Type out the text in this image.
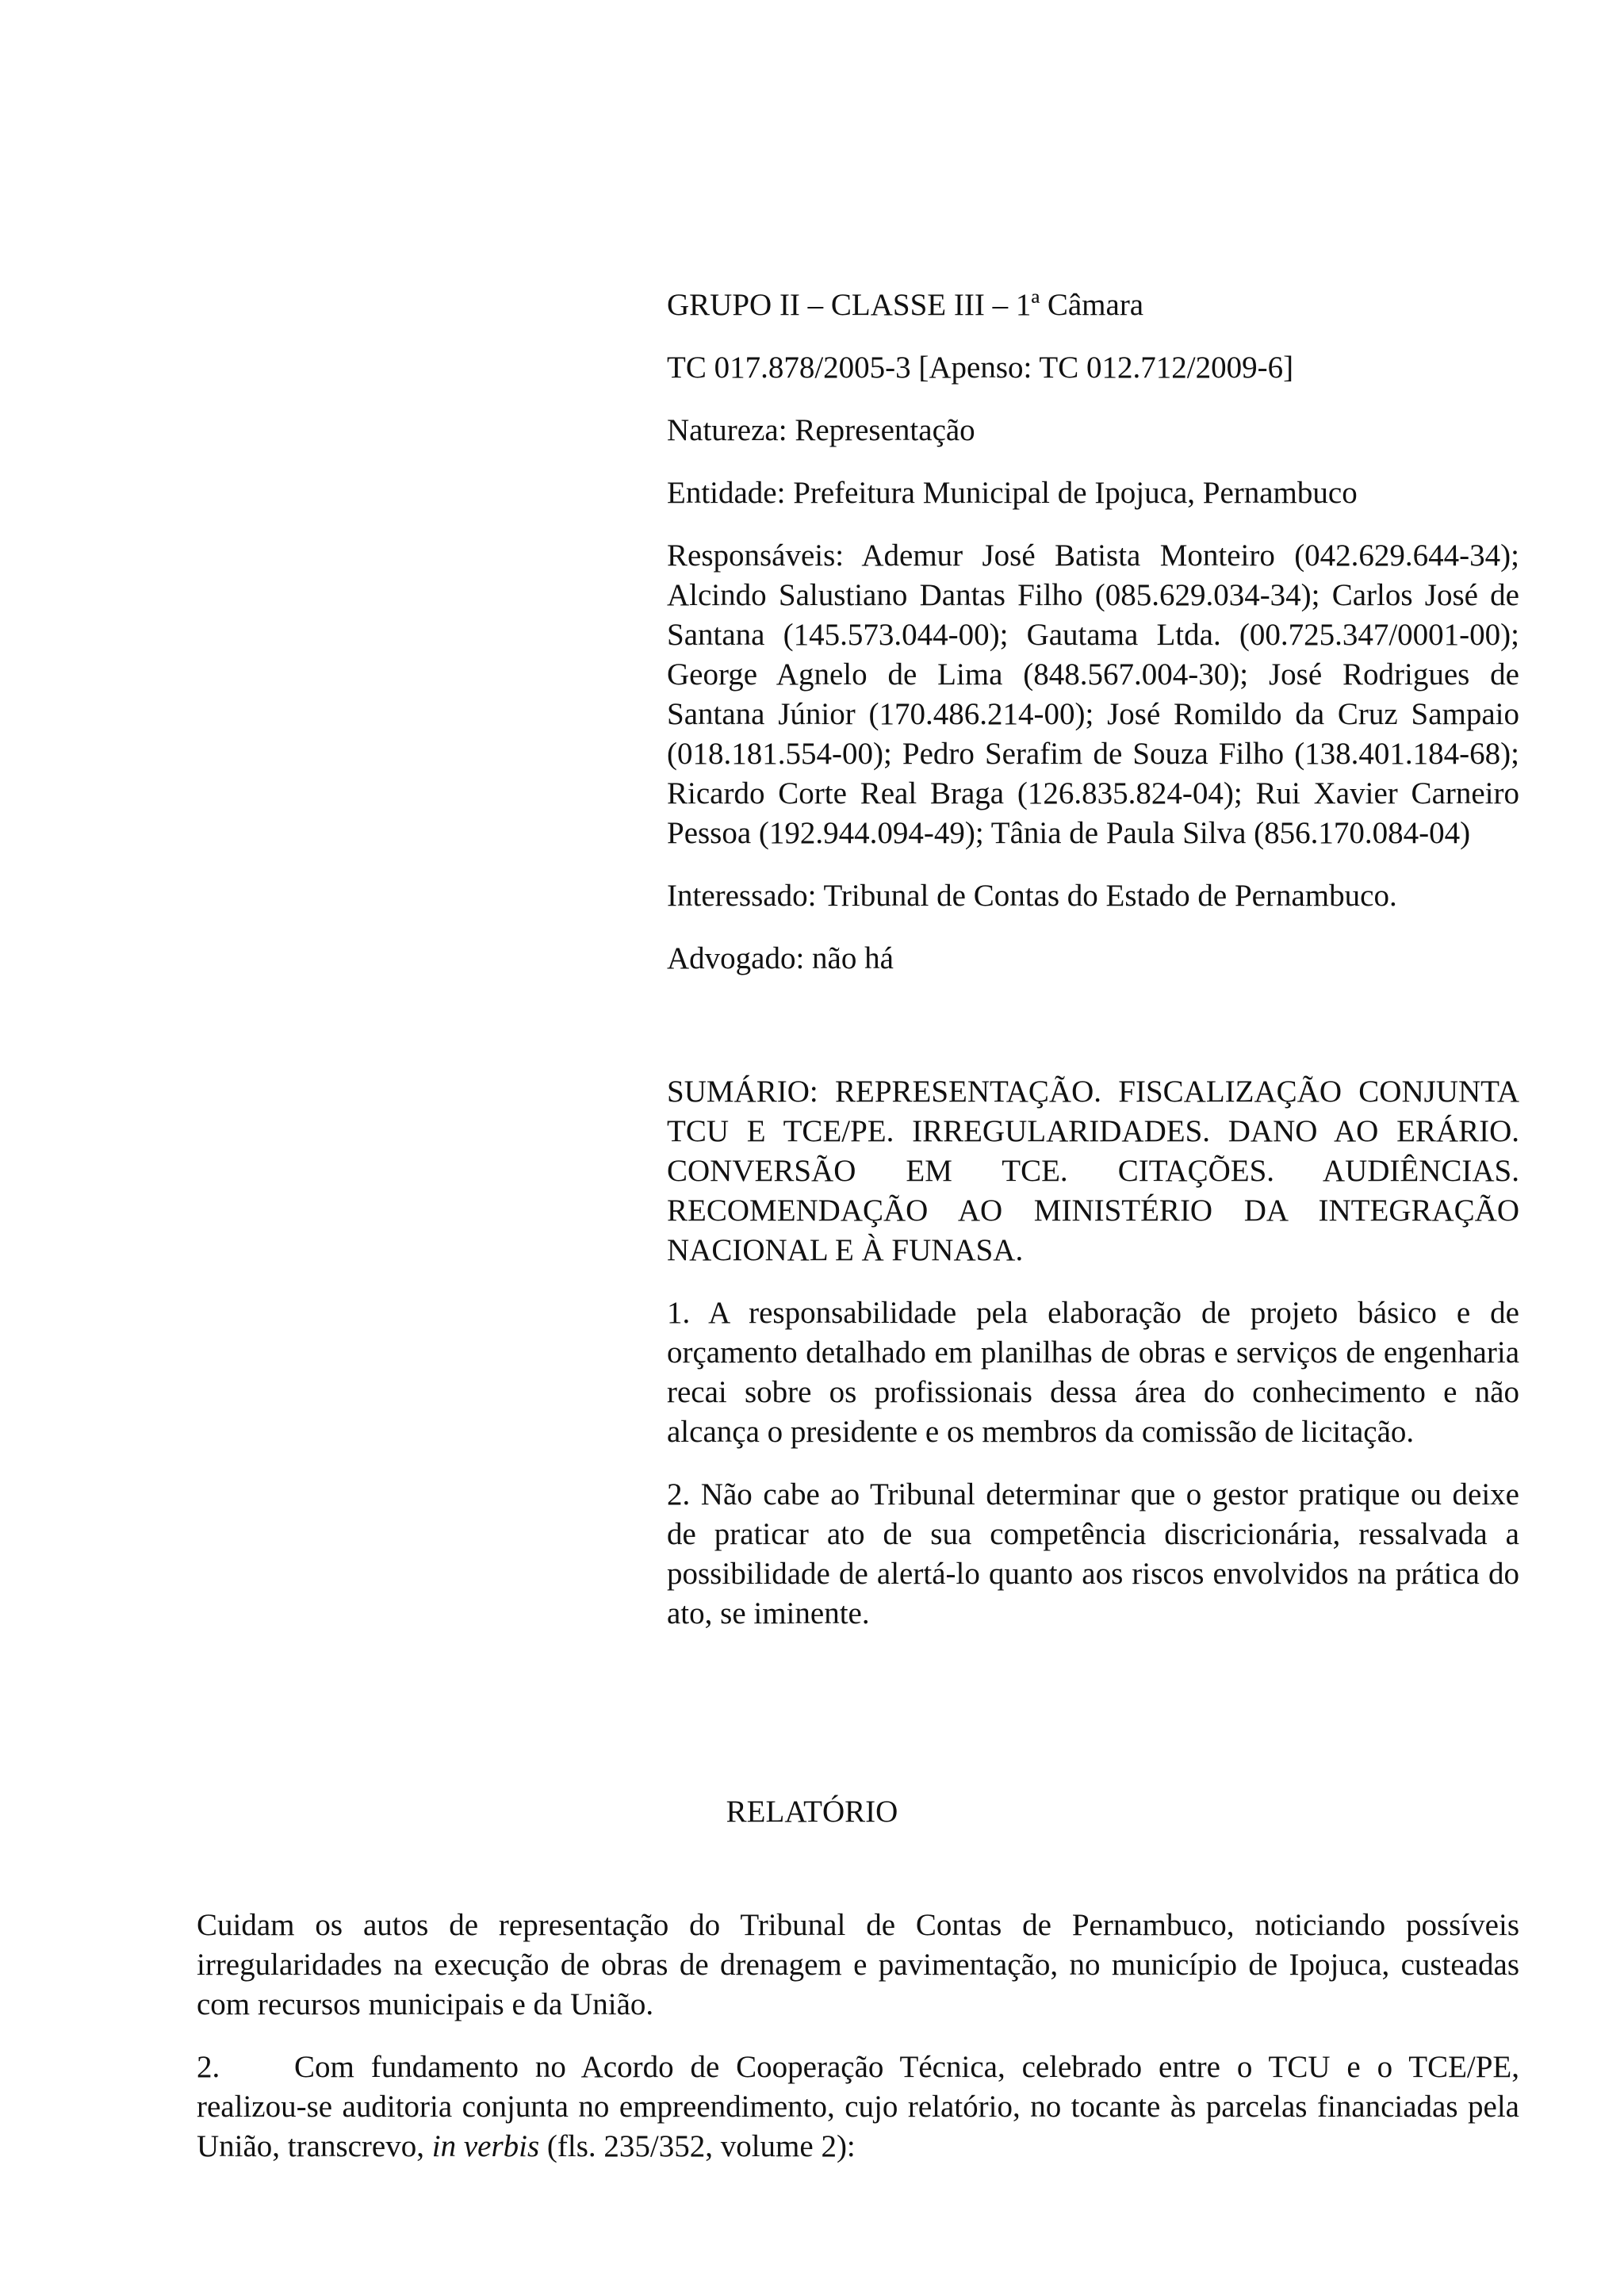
GRUPO II – CLASSE III – 1ª Câmara

TC 017.878/2005-3 [Apenso: TC 012.712/2009-6]

Natureza: Representação

Entidade: Prefeitura Municipal de Ipojuca, Pernambuco

Responsáveis: Ademur José Batista Monteiro (042.629.644-34); Alcindo Salustiano Dantas Filho (085.629.034-34); Carlos José de Santana (145.573.044-00); Gautama Ltda. (00.725.347/0001-00); George Agnelo de Lima (848.567.004-30); José Rodrigues de Santana Júnior (170.486.214-00); José Romildo da Cruz Sampaio (018.181.554-00); Pedro Serafim de Souza Filho (138.401.184-68); Ricardo Corte Real Braga (126.835.824-04); Rui Xavier Carneiro Pessoa (192.944.094-49); Tânia de Paula Silva (856.170.084-04)

Interessado: Tribunal de Contas do Estado de Pernambuco.

Advogado: não há

SUMÁRIO: REPRESENTAÇÃO. FISCALIZAÇÃO CONJUNTA TCU E TCE/PE. IRREGULARIDADES. DANO AO ERÁRIO. CONVERSÃO EM TCE. CITAÇÕES. AUDIÊNCIAS. RECOMENDAÇÃO AO MINISTÉRIO DA INTEGRAÇÃO NACIONAL E À FUNASA.

1. A responsabilidade pela elaboração de projeto básico e de orçamento detalhado em planilhas de obras e serviços de engenharia recai sobre os profissionais dessa área do conhecimento e não alcança o presidente e os membros da comissão de licitação.

2. Não cabe ao Tribunal determinar que o gestor pratique ou deixe de praticar ato de sua competência discricionária, ressalvada a possibilidade de alertá-lo quanto aos riscos envolvidos na prática do ato, se iminente.

RELATÓRIO

Cuidam os autos de representação do Tribunal de Contas de Pernambuco, noticiando possíveis irregularidades na execução de obras de drenagem e pavimentação, no município de Ipojuca, custeadas com recursos municipais e da União.

2. Com fundamento no Acordo de Cooperação Técnica, celebrado entre o TCU e o TCE/PE, realizou-se auditoria conjunta no empreendimento, cujo relatório, no tocante às parcelas financiadas pela União, transcrevo, in verbis (fls. 235/352, volume 2):
